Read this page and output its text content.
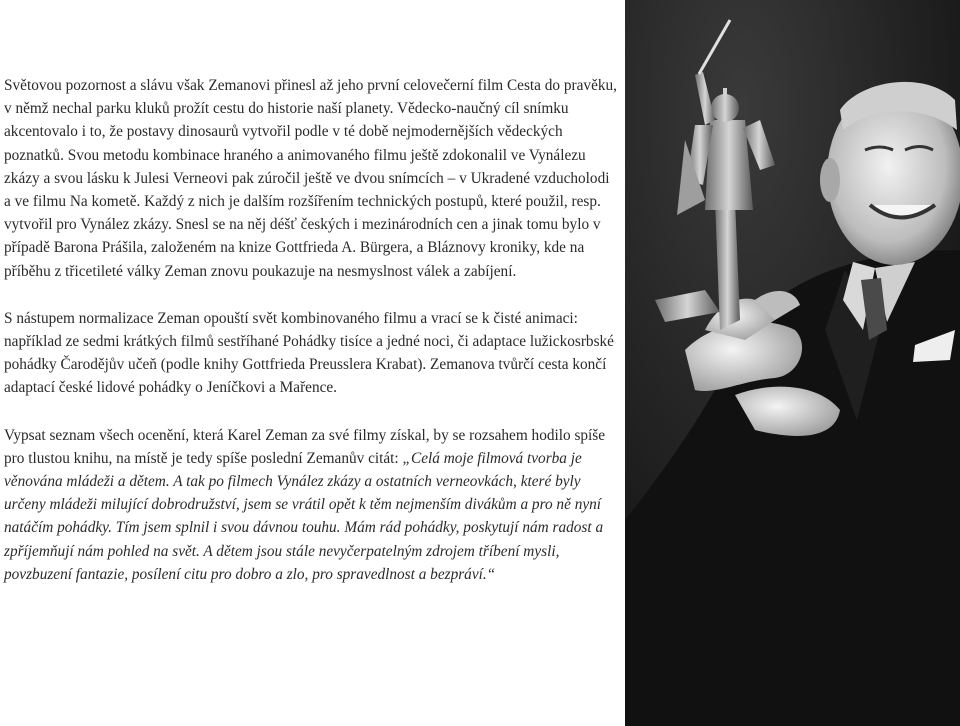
Světovou pozornost a slávu však Zemanovi přinesl až jeho první celovečerní film Cesta do pravěku, v němž nechal parku kluků prožít cestu do historie naší planety. Vědecko-naučný cíl snímku akcentovalo i to, že postavy dinosaurů vytvořil podle v té době nejmodernějších vědeckých poznatků. Svou metodu kombinace hraného a animovaného filmu ještě zdokonalil ve Vynálezu zkázy a svou lásku k Julesi Verneovi pak zúročil ještě ve dvou snímcích – v Ukradené vzducholodi a ve filmu Na kometě. Každý z nich je dalším rozšířením technických postupů, které použil, resp. vytvořil pro Vynález zkázy. Snesl se na něj déšť českých i mezinárodních cen a jinak tomu bylo v případě Barona Prášila, založeném na knize Gottfrieda A. Bürgera, a Bláznovy kroniky, kde na příběhu z třicetileté války Zeman znovu poukazuje na nesmyslnost válek a zabíjení.

S nástupem normalizace Zeman opouští svět kombinovaného filmu a vrací se k čisté animaci: například ze sedmi krátkých filmů sestříhané Pohádky tisíce a jedné noci, či adaptace lužickosrbské pohádky Čarodějův učeň (podle knihy Gottfrieda Preusslera Krabat). Zemanova tvůrčí cesta končí adaptací české lidové pohádky o Jeníčkovi a Mařence.

Vypsat seznam všech ocenění, která Karel Zeman za své filmy získal, by se rozsahem hodilo spíše pro tlustou knihu, na místě je tedy spíše poslední Zemanův citát: „Celá moje filmová tvorba je věnována mládeži a dětem. A tak po filmech Vynález zkázy a ostatních verneovkách, které byly určeny mládeži milující dobrodružství, jsem se vrátil opět k těm nejmenším divákům a pro ně nyní natáčím pohádky. Tím jsem splnil i svou dávnou touhu. Mám rád pohádky, poskytují nám radost a zpříjemňují nám pohled na svět. A dětem jsou stále nevyčerpatelným zdrojem tříbení mysli, povzbuzení fantazie, posílení citu pro dobro a zlo, pro spravedlnost a bezpráví.“
